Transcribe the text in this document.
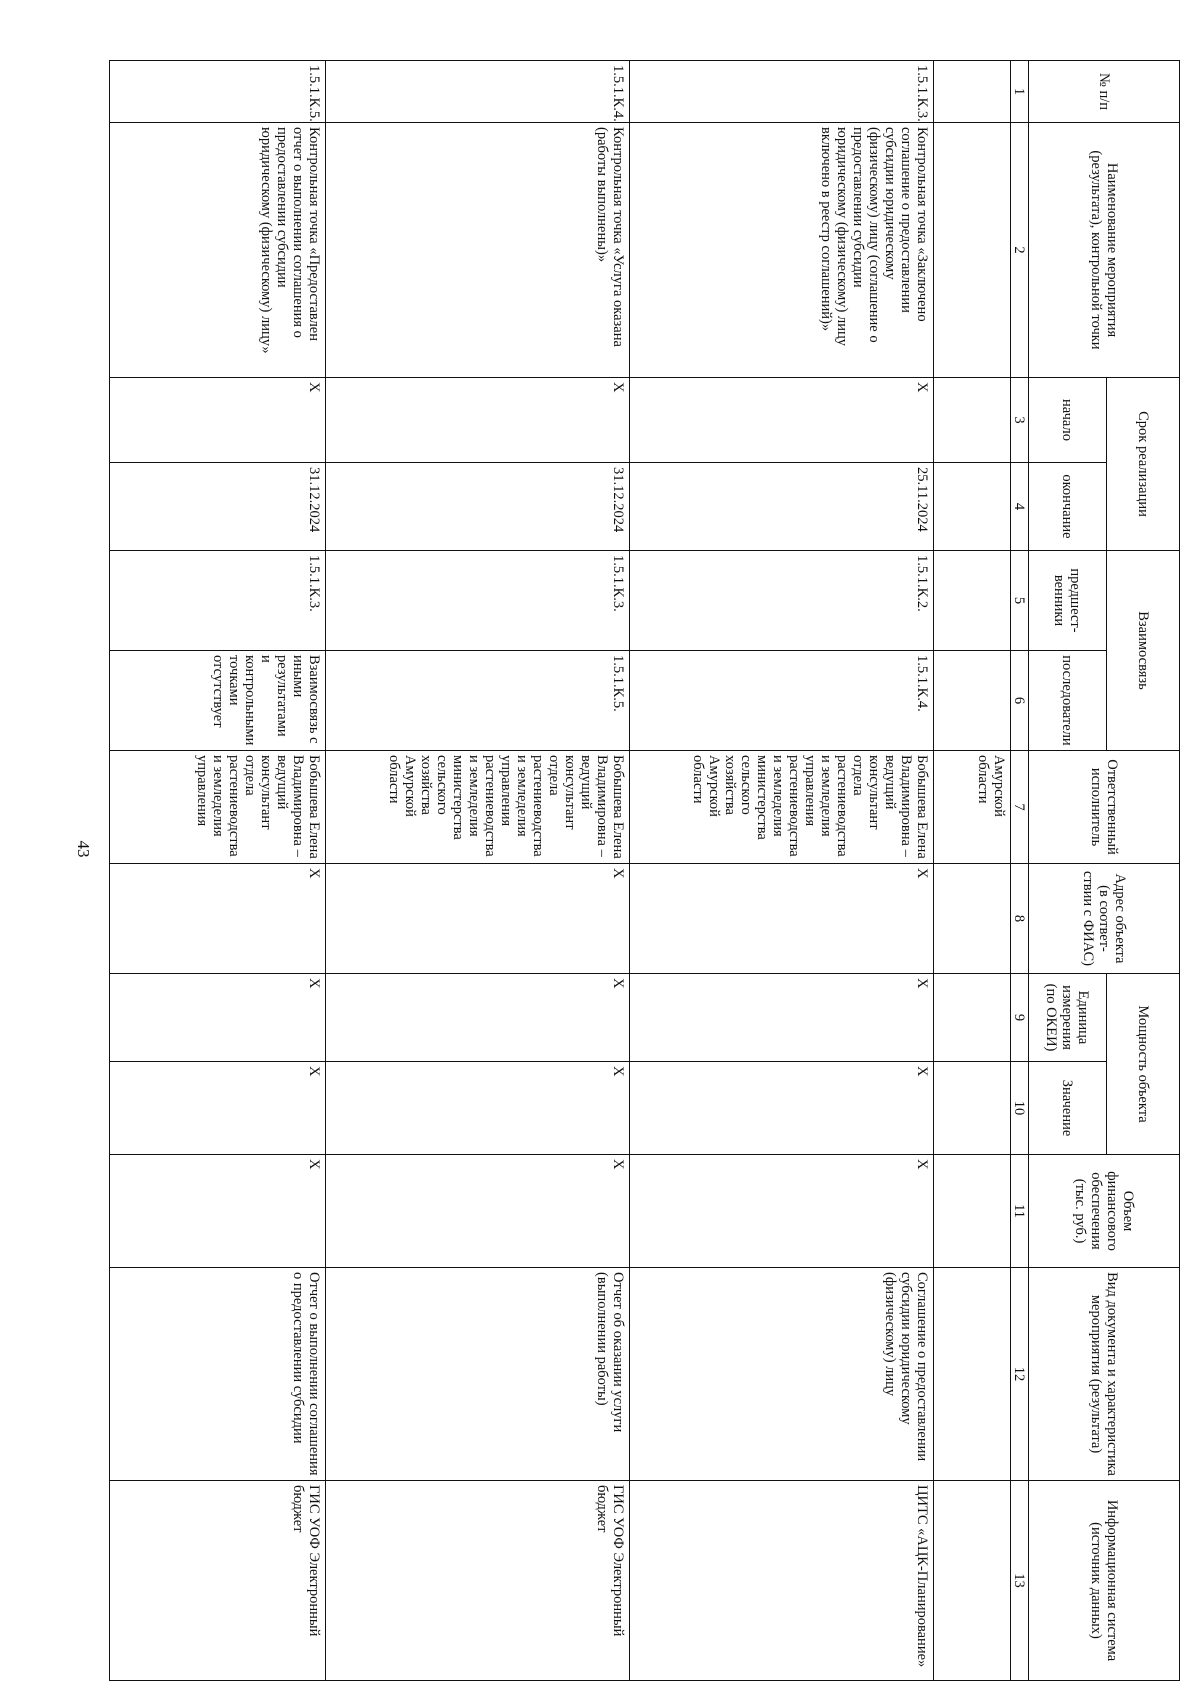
43
№ п/п	Наименование мероприятия (результата), контрольной точки	Срок реализации		Взаимосвязь		Ответственный исполнитель	Адрес объекта (в соответ-ствии с ФИАС)	Мощность объекта		Объем финансового обеспечения (тыс. руб.)	Вид документа и характеристика мероприятия (результата)	Информационная система (источник данных)
		начало	окончание	предшест-венники	последователи			Единица измерения (по ОКЕИ)	Значение			
1	2	3	4	5	6	7	8	9	10	11	12	13
						Амурской области						
1.5.1.К.3.	Контрольная точка «Заключено соглашение о предоставлении субсидии юридическому (физическому) лицу (соглашение о предоставлении субсидии юридическому (физическому) лицу включено в реестр соглашений)»	X	25.11.2024	1.5.1.К.2.	1.5.1.К.4.	Бобышева Елена Владимировна – ведущий консультант отдела растениеводства и земледелия управления растениеводства и земледелия министерства сельского хозяйства Амурской области	X	X	X	X	Соглашение о предоставлении субсидии юридическому (физическому) лицу	ЦИТС «АЦК-Планирование»
1.5.1.К.4.	Контрольная точка «Услуга оказана (работы выполнены)»	X	31.12.2024	1.5.1.К.3.	1.5.1.К.5.	Бобышева Елена Владимировна – ведущий консультант отдела растениеводства и земледелия управления растениеводства и земледелия министерства сельского хозяйства Амурской области	X	X	X	X	Отчет об оказании услуги (выполнении работы)	ГИС УОФ Электронный бюджет
1.5.1.К.5.	Контрольная точка «Предоставлен отчет о выполнении соглашения о предоставлении субсидии юридическому (физическому) лицу»	X	31.12.2024	1.5.1.К.3.	Взаимосвязь с иными результатами и контрольными точками отсутствует	Бобышева Елена Владимировна – ведущий консультант отдела растениеводства и земледелия управления	X	X	X	X	Отчет о выполнении соглашения о предоставлении субсидии	ГИС УОФ Электронный бюджет
